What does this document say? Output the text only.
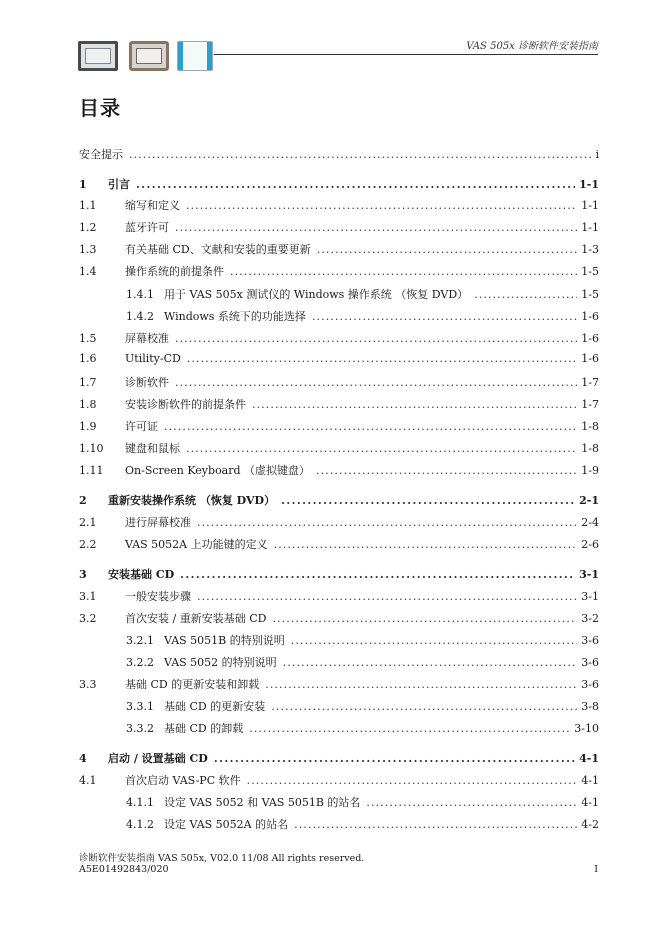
VAS 505x 诊断软件安装指南
目录
安全提示 . . .	i
1	引言 . . .	1-1
1.1	缩写和定义 . . .	1-1
1.2	蓝牙许可 . . .	1-1
1.3	有关基础 CD、文献和安装的重要更新 . . .	1-3
1.4	操作系统的前提条件 . . .	1-5
1.4.1 用于 VAS 505x 测试仪的 Windows 操作系统 （恢复 DVD） . . .	1-5
1.4.2 Windows 系统下的功能选择 . . .	1-6
1.5	屏幕校准 . . .	1-6
1.6	Utility-CD . . .	1-6
1.7	诊断软件 . . .	1-7
1.8	安装诊断软件的前提条件 . . .	1-7
1.9	许可证 . . .	1-8
1.10	键盘和鼠标 . . .	1-8
1.11	On-Screen Keyboard （虚拟键盘） . . .	1-9
2	重新安装操作系统 （恢复 DVD） . . .	2-1
2.1	进行屏幕校准 . . .	2-4
2.2	VAS 5052A 上功能键的定义 . . .	2-6
3	安装基础 CD . . .	3-1
3.1	一般安装步骤 . . .	3-1
3.2	首次安装 / 重新安装基础 CD . . .	3-2
3.2.1 VAS 5051B 的特别说明 . . .	3-6
3.2.2 VAS 5052 的特别说明 . . .	3-6
3.3	基础 CD 的更新安装和卸载 . . .	3-6
3.3.1 基础 CD 的更新安装 . . .	3-8
3.3.2 基础 CD 的卸载 . . .	3-10
4	启动 / 设置基础 CD . . .	4-1
4.1	首次启动 VAS-PC 软件 . . .	4-1
4.1.1 设定 VAS 5052 和 VAS 5051B 的站名 . . .	4-1
4.1.2 设定 VAS 5052A 的站名 . . .	4-2
诊断软件安装指南 VAS 505x, V02.0 11/08 All rights reserved.
A5E01492843/020	I
